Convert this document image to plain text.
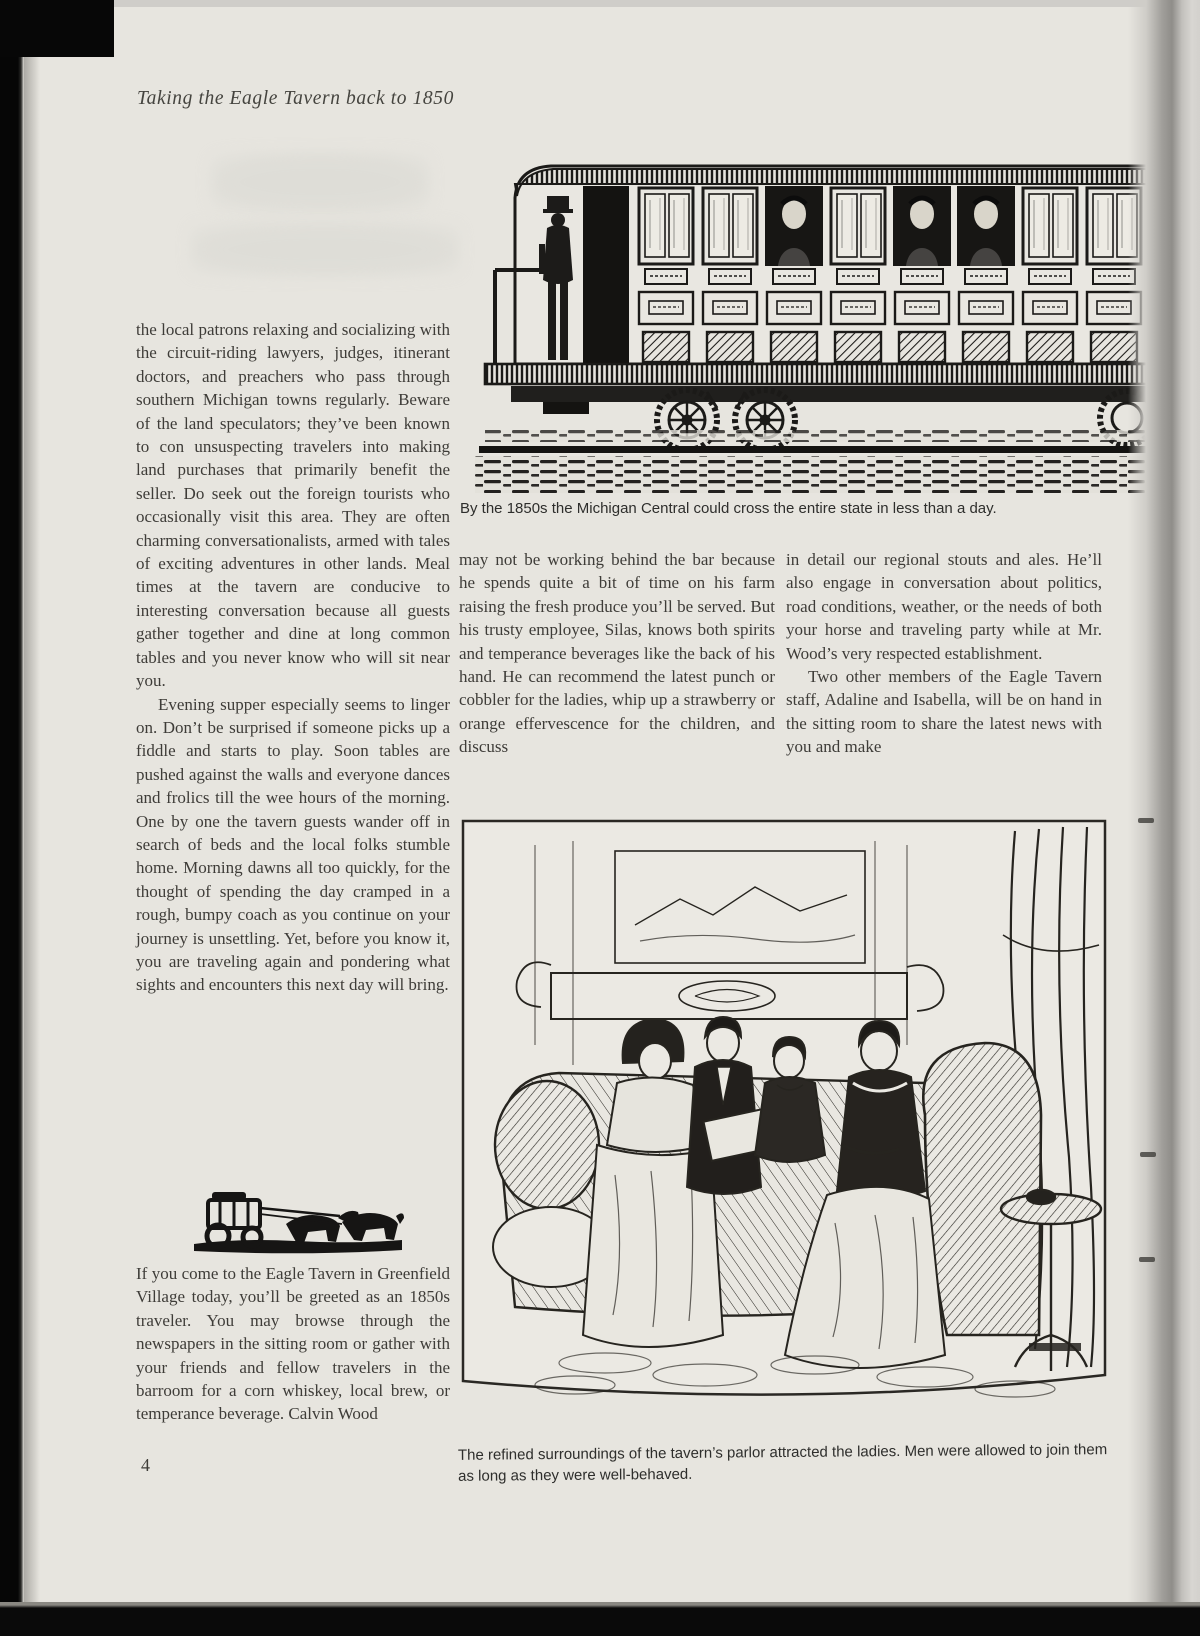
Taking the Eagle Tavern back to 1850
By the 1850s the Michigan Central could cross the entire state in less than a day.

the local patrons relaxing and socializing with the circuit-riding lawyers, judges, itinerant doctors, and preachers who pass through southern Michigan towns regularly. Beware of the land speculators; they’ve been known to con unsuspecting travelers into making land purchases that primarily benefit the seller. Do seek out the foreign tourists who occasionally visit this area. They are often charming conversationalists, armed with tales of exciting adventures in other lands. Meal times at the tavern are conducive to interesting conversation because all guests gather together and dine at long common tables and you never know who will sit near you.

Evening supper especially seems to linger on. Don’t be surprised if someone picks up a fiddle and starts to play. Soon tables are pushed against the walls and everyone dances and frolics till the wee hours of the morning. One by one the tavern guests wander off in search of beds and the local folks stumble home. Morning dawns all too quickly, for the thought of spending the day cramped in a rough, bumpy coach as you continue on your journey is unsettling. Yet, before you know it, you are traveling again and pondering what sights and encounters this next day will bring.

If you come to the Eagle Tavern in Greenfield Village today, you’ll be greeted as an 1850s traveler. You may browse through the newspapers in the sitting room or gather with your friends and fellow travelers in the barroom for a corn whiskey, local brew, or temperance beverage. Calvin Wood

may not be working behind the bar because he spends quite a bit of time on his farm raising the fresh produce you’ll be served. But his trusty employee, Silas, knows both spirits and temperance beverages like the back of his hand. He can recommend the latest punch or cobbler for the ladies, whip up a strawberry or orange effervescence for the children, and discuss

in detail our regional stouts and ales. He’ll also engage in conversation about politics, road conditions, weather, or the needs of both your horse and traveling party while at Mr. Wood’s very respected establishment.

Two other members of the Eagle Tavern staff, Adaline and Isabella, will be on hand in the sitting room to share the latest news with you and make

The refined surroundings of the tavern’s parlor attracted the ladies. Men were allowed to join them as long as they were well-behaved.
4
